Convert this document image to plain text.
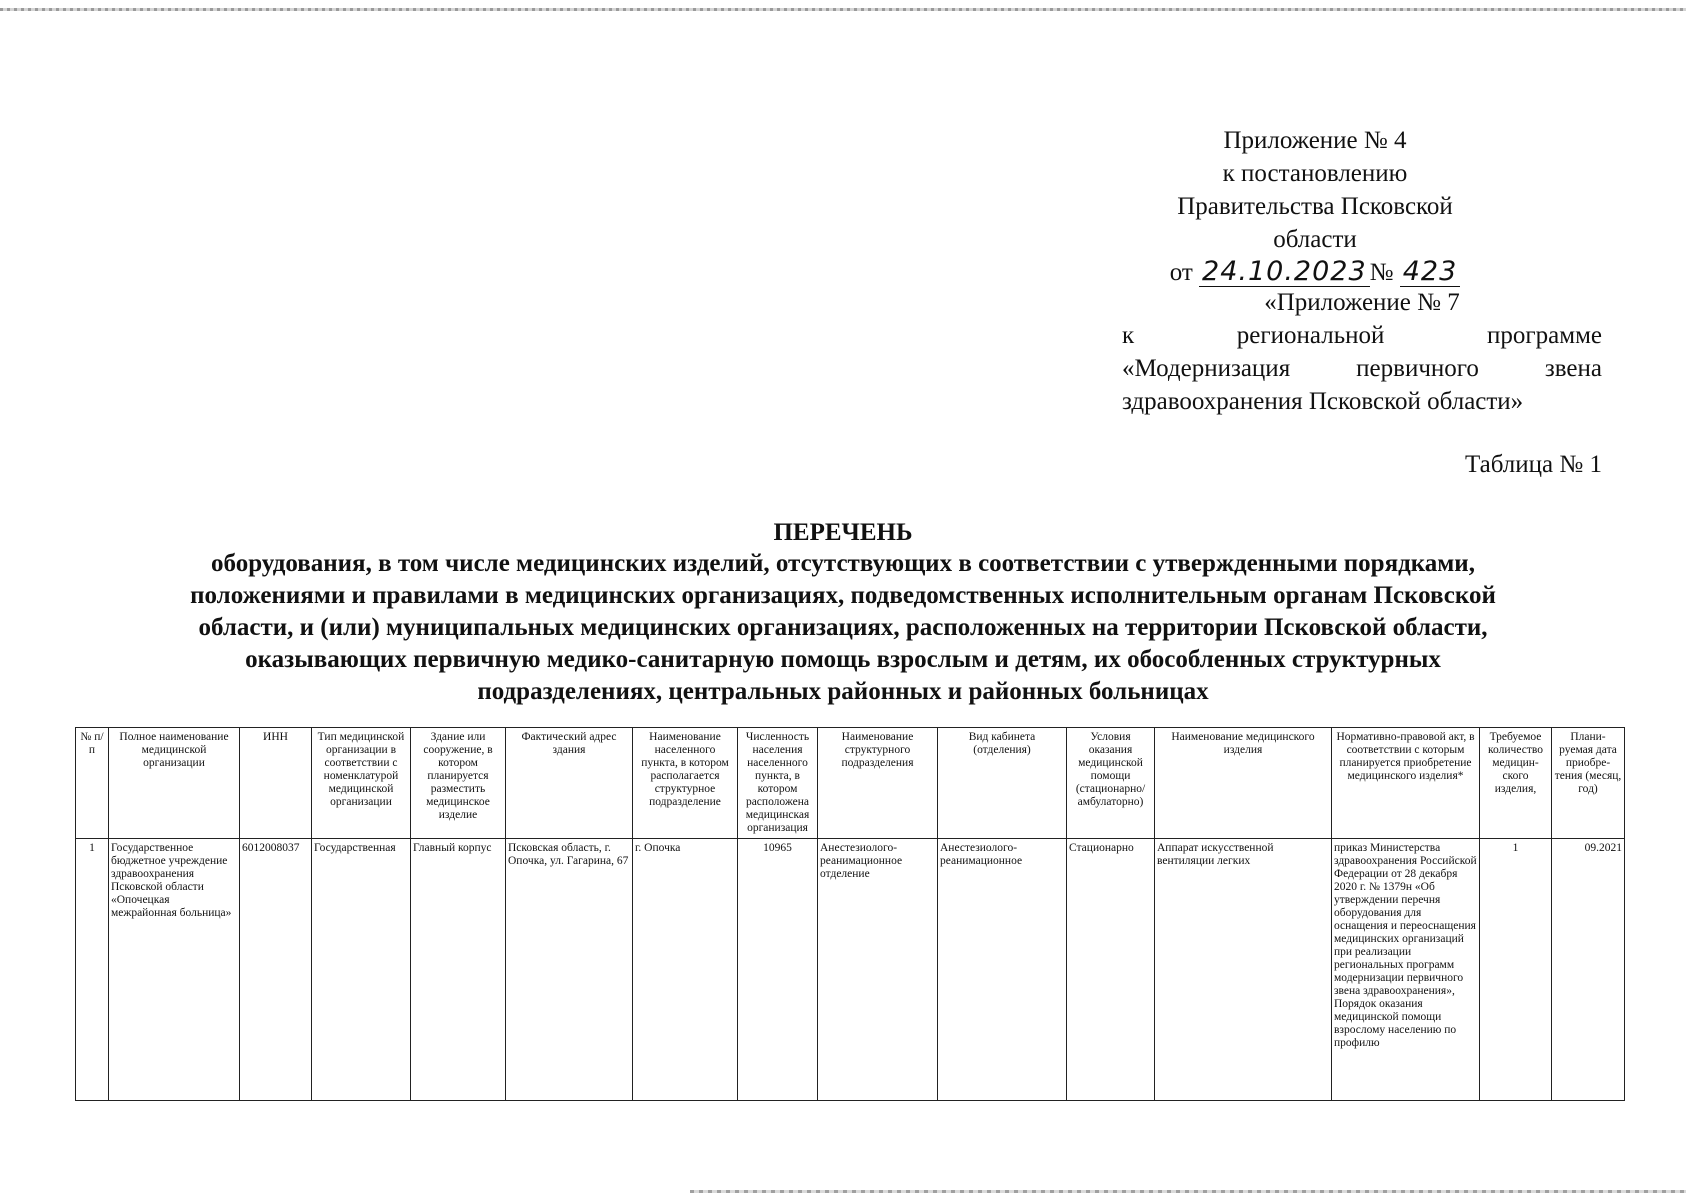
Приложение № 4
к постановлению
Правительства Псковской области
от 24.10.2023 № 423
«Приложение № 7
к региональной программе
«Модернизация первичного звена
здравоохранения Псковской области»
Таблица № 1
ПЕРЕЧЕНЬ
оборудования, в том числе медицинских изделий, отсутствующих в соответствии с утвержденными порядками,
положениями и правилами в медицинских организациях, подведомственных исполнительным органам Псковской
области, и (или) муниципальных медицинских организациях, расположенных на территории Псковской области,
оказывающих первичную медико-санитарную помощь взрослым и детям, их обособленных структурных
подразделениях, центральных районных и районных больницах
№ п/п	Полное наименование медицинской организации	ИНН	Тип медицинской организации в соответствии с номенклатурой медицинской организации	Здание или сооружение, в котором планируется разместить медицинское изделие	Фактический адрес здания	Наименование населенного пункта, в котором располагается структурное подразделение	Численность населения населенного пункта, в котором расположена медицинская организация	Наименование структурного подразделения	Вид кабинета (отделения)	Условия оказания медицинской помощи (стационарно/ амбулаторно)	Наименование медицинского изделия	Нормативно-правовой акт, в соответствии с которым планируется приобретение медицинского изделия*	Требуемое количество медицин-ского изделия,	Плани-руемая дата приобре-тения (месяц, год)
1	Государственное бюджетное учреждение здравоохранения Псковской области «Опочецкая межрайонная больница»	6012008037	Государственная	Главный корпус	Псковская область, г. Опочка, ул. Гагарина, 67	г. Опочка	10965	Анестезиолого-реанимационное отделение	Анестезиолого-реанимационное	Стационарно	Аппарат искусственной вентиляции легких	приказ Министерства здравоохранения Российской Федерации от 28 декабря 2020 г. № 1379н «Об утверждении перечня оборудования для оснащения и переоснащения медицинских организаций при реализации региональных программ модернизации первичного звена здравоохранения», Порядок оказания медицинской помощи взрослому населению по профилю	1	09.2021
